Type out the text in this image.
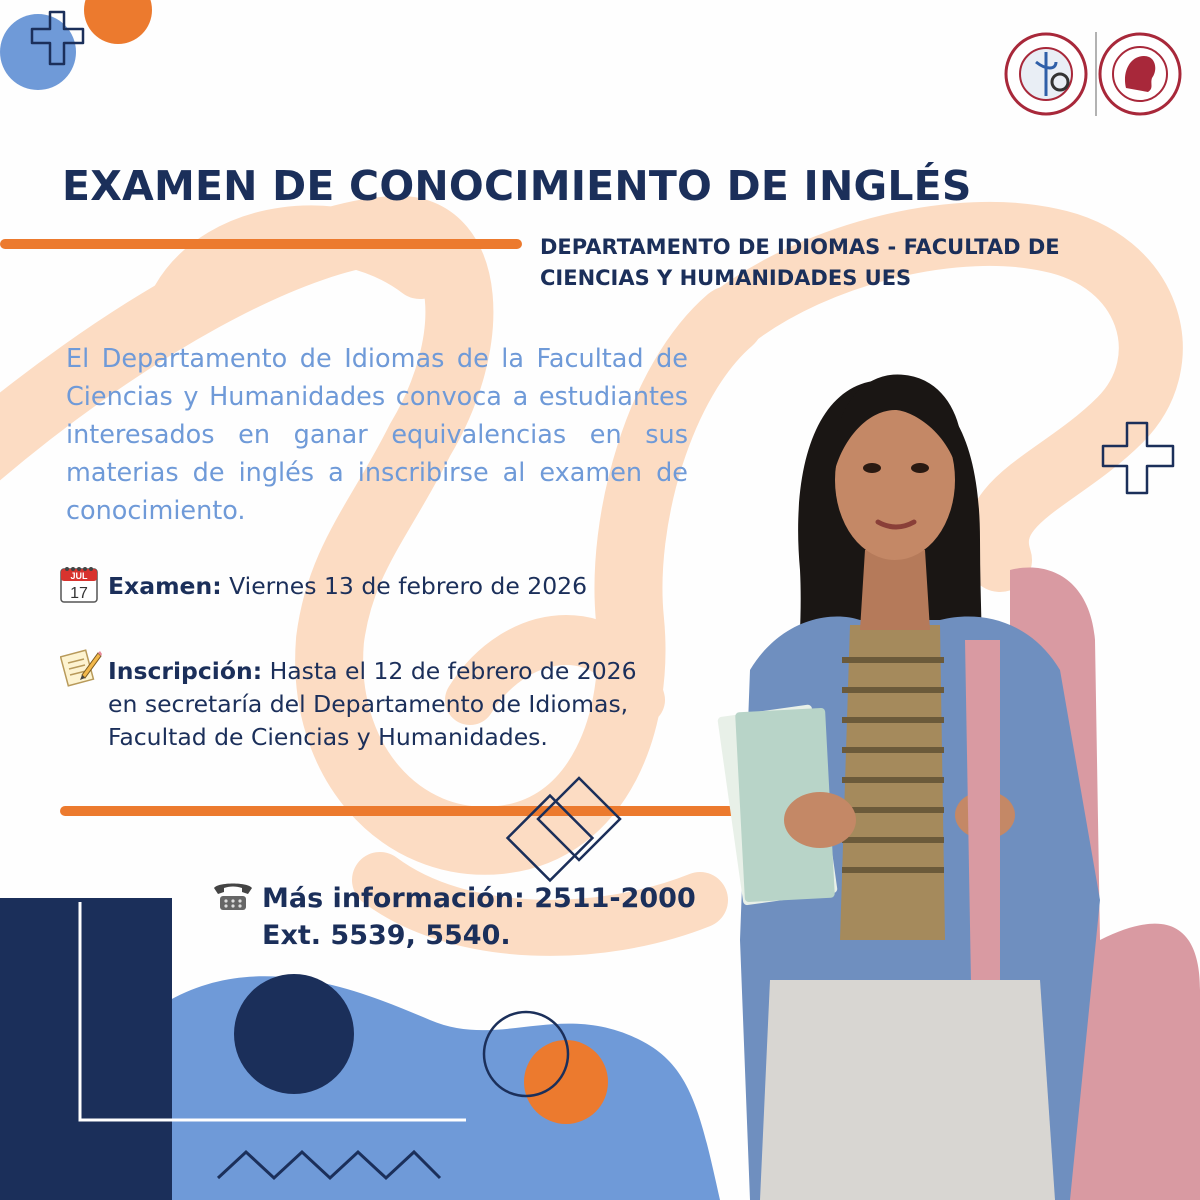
EXAMEN DE CONOCIMIENTO DE INGLÉS
DEPARTAMENTO DE IDIOMAS - FACULTAD DE CIENCIAS Y HUMANIDADES UES
El Departamento de Idiomas de la Facultad de Ciencias y Humanidades convoca a estudiantes interesados en ganar equivalencias en sus materias de inglés a inscribirse al examen de conocimiento.
JUL
17 Examen: Viernes 13 de febrero de 2026
Inscripción: Hasta el 12 de febrero de 2026
en secretaría del Departamento de Idiomas,
Facultad de Ciencias y Humanidades.
Más información: 2511-2000
Ext. 5539, 5540.
